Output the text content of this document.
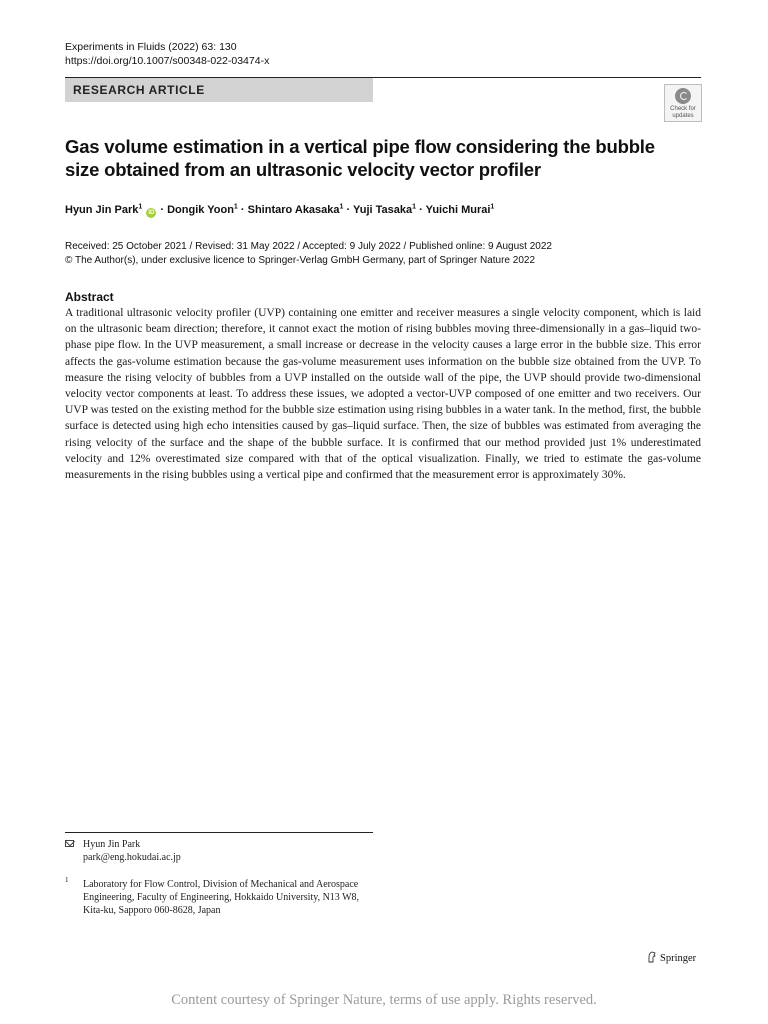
Experiments in Fluids (2022) 63: 130
https://doi.org/10.1007/s00348-022-03474-x
RESEARCH ARTICLE
Check for updates
Gas volume estimation in a vertical pipe flow considering the bubble size obtained from an ultrasonic velocity vector profiler
Hyun Jin Park$^1$ iD · Dongik Yoon$^1$ · Shintaro Akasaka$^1$ · Yuji Tasaka$^1$ · Yuichi Murai$^1$
Received: 25 October 2021 / Revised: 31 May 2022 / Accepted: 9 July 2022 / Published online: 9 August 2022
© The Author(s), under exclusive licence to Springer-Verlag GmbH Germany, part of Springer Nature 2022
Abstract

A traditional ultrasonic velocity profiler (UVP) containing one emitter and receiver measures a single velocity component, which is laid on the ultrasonic beam direction; therefore, it cannot exact the motion of rising bubbles moving three-dimensionally in a gas–liquid two-phase pipe flow. In the UVP measurement, a small increase or decrease in the velocity causes a large error in the bubble size. This error affects the gas-volume estimation because the gas-volume measurement uses information on the bubble size obtained from the UVP. To measure the rising velocity of bubbles from a UVP installed on the outside wall of the pipe, the UVP should provide two-dimensional velocity vector components at least. To address these issues, we adopted a vector-UVP composed of one emitter and two receivers. Our UVP was tested on the existing method for the bubble size estimation using rising bubbles in a water tank. In the method, first, the bubble surface is detected using high echo intensities caused by gas–liquid surface. Then, the size of bubbles was estimated from averaging the rising velocity of the surface and the shape of the bubble surface. It is confirmed that our method provided just 1% underestimated velocity and 12% overestimated size compared with that of the optical visualization. Finally, we tried to estimate the gas-volume measurements in the rising bubbles using a vertical pipe and confirmed that the measurement error is approximately 30%.

Hyun Jin Park
park@eng.hokudai.ac.jp
1 Laboratory for Flow Control, Division of Mechanical and Aerospace Engineering, Faculty of Engineering, Hokkaido University, N13 W8, Kita-ku, Sapporo 060-8628, Japan
Springer
Content courtesy of Springer Nature, terms of use apply. Rights reserved.
